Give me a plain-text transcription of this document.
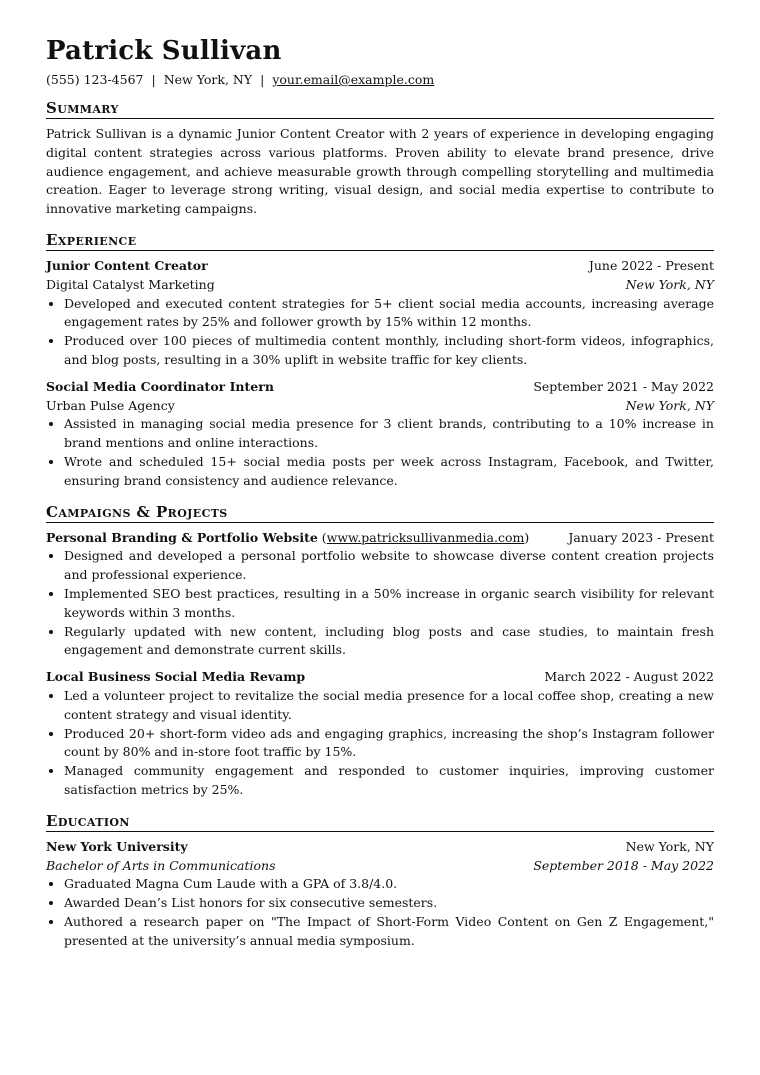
Patrick Sullivan
(555) 123-4567 | New York, NY | your.email@example.com
Summary

Patrick Sullivan is a dynamic Junior Content Creator with 2 years of experience in developing engaging digital content strategies across various platforms. Proven ability to elevate brand presence, drive audience engagement, and achieve measurable growth through compelling storytelling and multimedia creation. Eager to leverage strong writing, visual design, and social media expertise to contribute to innovative marketing campaigns.

Experience
Junior Content Creator	June 2022 - Present
Digital Catalyst Marketing	New York, NY
• Developed and executed content strategies for 5+ client social media accounts, increasing average engagement rates by 25% and follower growth by 15% within 12 months.
• Produced over 100 pieces of multimedia content monthly, including short-form videos, infographics, and blog posts, resulting in a 30% uplift in website traffic for key clients.
Social Media Coordinator Intern	September 2021 - May 2022
Urban Pulse Agency	New York, NY
• Assisted in managing social media presence for 3 client brands, contributing to a 10% increase in brand mentions and online interactions.
• Wrote and scheduled 15+ social media posts per week across Instagram, Facebook, and Twitter, ensuring brand consistency and audience relevance.
Campaigns & Projects
Personal Branding & Portfolio Website (www.patricksullivanmedia.com)	January 2023 - Present
• Designed and developed a personal portfolio website to showcase diverse content creation projects and professional experience.
• Implemented SEO best practices, resulting in a 50% increase in organic search visibility for relevant keywords within 3 months.
• Regularly updated with new content, including blog posts and case studies, to maintain fresh engagement and demonstrate current skills.
Local Business Social Media Revamp	March 2022 - August 2022
• Led a volunteer project to revitalize the social media presence for a local coffee shop, creating a new content strategy and visual identity.
• Produced 20+ short-form video ads and engaging graphics, increasing the shop’s Instagram follower count by 80% and in-store foot traffic by 15%.
• Managed community engagement and responded to customer inquiries, improving customer satisfaction metrics by 25%.
Education
New York University	New York, NY
Bachelor of Arts in Communications	September 2018 - May 2022
• Graduated Magna Cum Laude with a GPA of 3.8/4.0.
• Awarded Dean’s List honors for six consecutive semesters.
• Authored a research paper on "The Impact of Short-Form Video Content on Gen Z Engagement," presented at the university’s annual media symposium.
